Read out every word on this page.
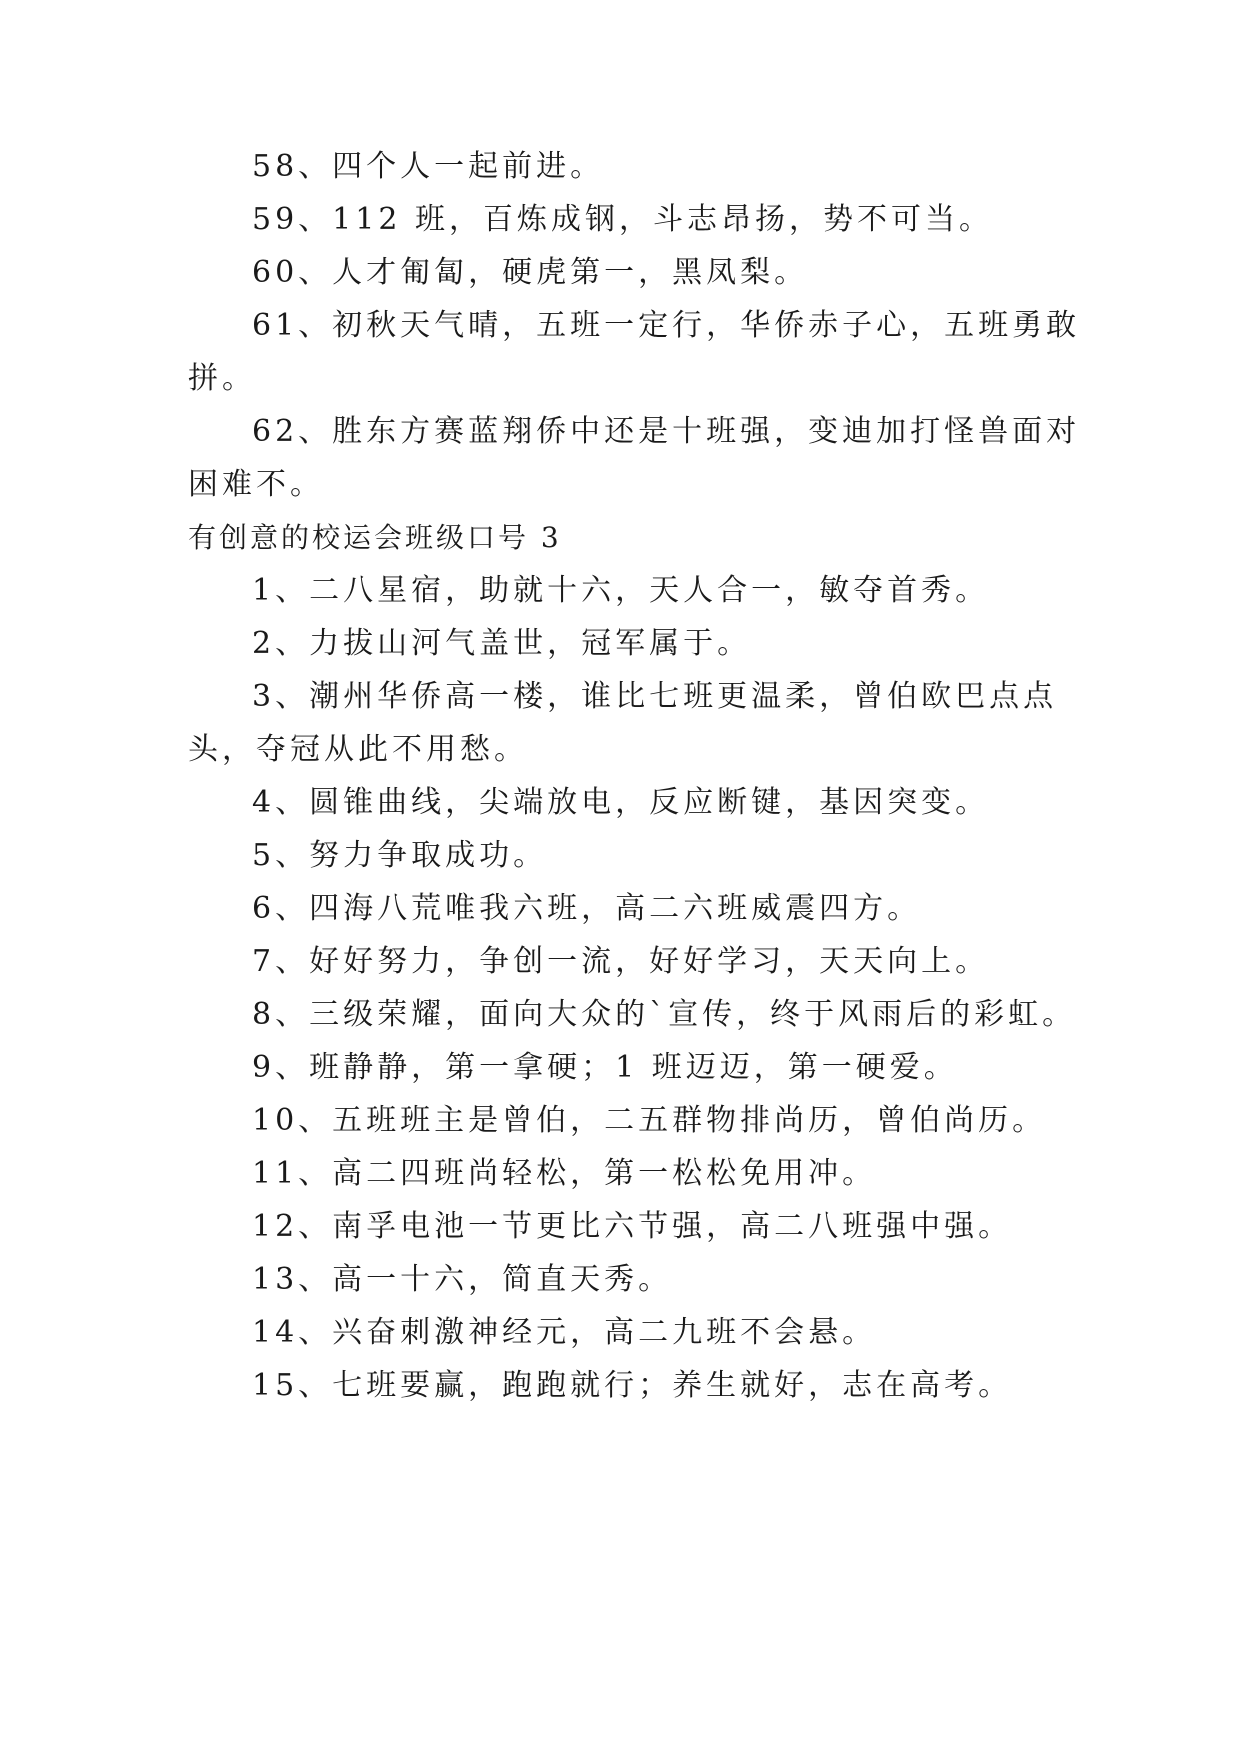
58、四个人一起前进。
59、112 班，百炼成钢，斗志昂扬，势不可当。
60、人才匍匐，硬虎第一，黑凤梨。
61、初秋天气晴，五班一定行，华侨赤子心，五班勇敢
拼。
62、胜东方赛蓝翔侨中还是十班强，变迪加打怪兽面对
困难不。
有创意的校运会班级口号 3
1、二八星宿，助就十六，天人合一，敏夺首秀。
2、力拔山河气盖世，冠军属于。
3、潮州华侨高一楼，谁比七班更温柔，曾伯欧巴点点
头，夺冠从此不用愁。
4、圆锥曲线，尖端放电，反应断键，基因突变。
5、努力争取成功。
6、四海八荒唯我六班，高二六班威震四方。
7、好好努力，争创一流，好好学习，天天向上。
8、三级荣耀，面向大众的`宣传，终于风雨后的彩虹。
9、班静静，第一拿硬；1 班迈迈，第一硬爱。
10、五班班主是曾伯，二五群物排尚历，曾伯尚历。
11、高二四班尚轻松，第一松松免用冲。
12、南孚电池一节更比六节强，高二八班强中强。
13、高一十六，简直天秀。
14、兴奋刺激神经元，高二九班不会悬。
15、七班要赢，跑跑就行；养生就好，志在高考。
